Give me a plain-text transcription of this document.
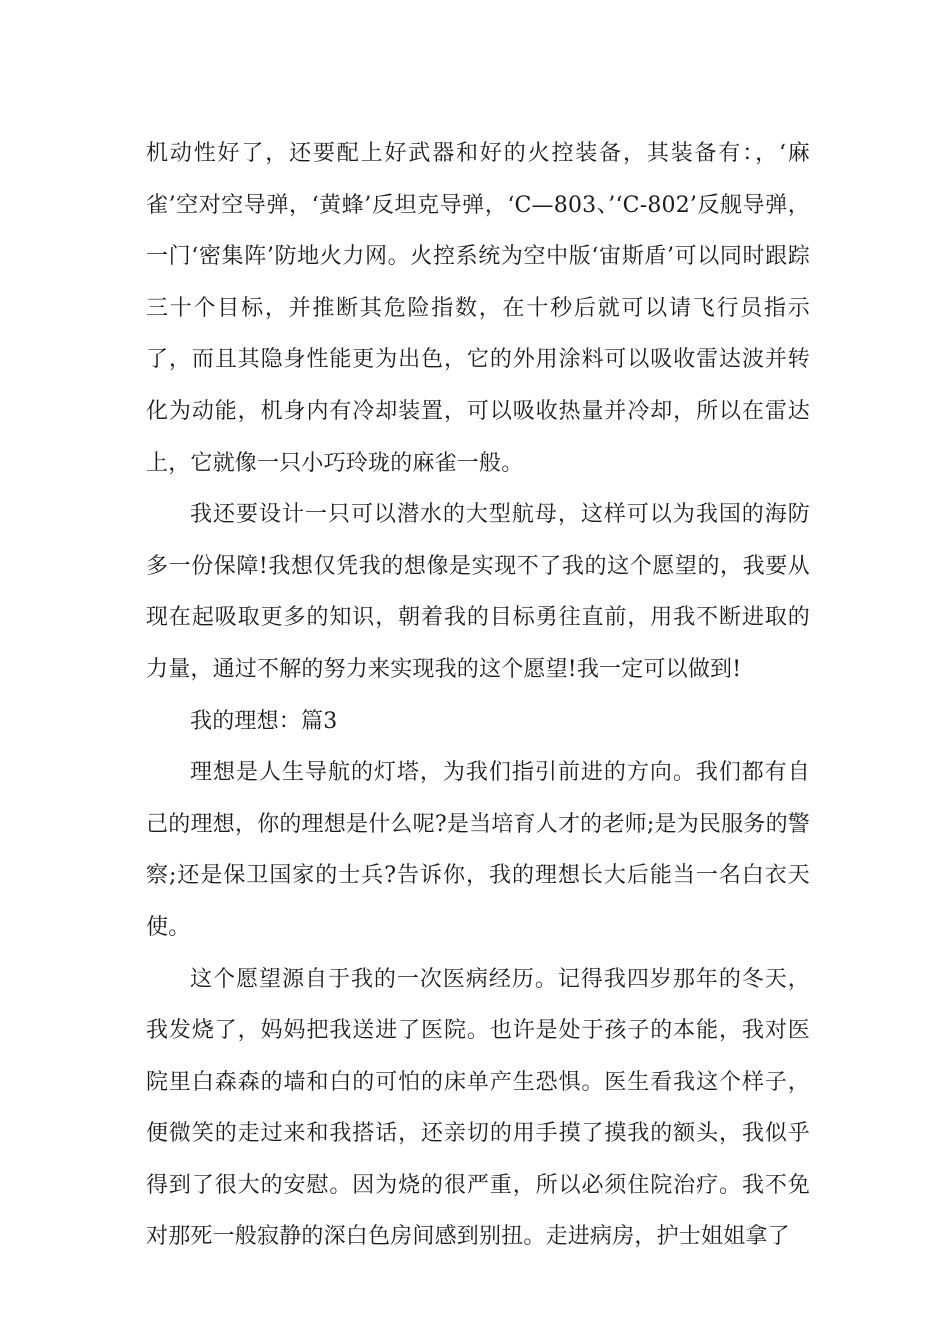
机动性好了，还要配上好武器和好的火控装备，其装备有：，‘麻雀’空对空导弹，‘黄蜂’反坦克导弹，‘C—803、’‘C-802’反舰导弹，一门‘密集阵’防地火力网。火控系统为空中版‘宙斯盾’可以同时跟踪三十个目标，并推断其危险指数，在十秒后就可以请飞行员指示了，而且其隐身性能更为出色，它的外用涂料可以吸收雷达波并转化为动能，机身内有冷却装置，可以吸收热量并冷却，所以在雷达上，它就像一只小巧玲珑的麻雀一般。

我还要设计一只可以潜水的大型航母，这样可以为我国的海防多一份保障!我想仅凭我的想像是实现不了我的这个愿望的，我要从现在起吸取更多的知识，朝着我的目标勇往直前，用我不断进取的力量，通过不解的努力来实现我的这个愿望!我一定可以做到!

我的理想：篇3

理想是人生导航的灯塔，为我们指引前进的方向。我们都有自己的理想，你的理想是什么呢?是当培育人才的老师;是为民服务的警察;还是保卫国家的士兵?告诉你，我的理想长大后能当一名白衣天使。

这个愿望源自于我的一次医病经历。记得我四岁那年的冬天，我发烧了，妈妈把我送进了医院。也许是处于孩子的本能，我对医院里白森森的墙和白的可怕的床单产生恐惧。医生看我这个样子，便微笑的走过来和我搭话，还亲切的用手摸了摸我的额头，我似乎得到了很大的安慰。因为烧的很严重，所以必须住院治疗。我不免对那死一般寂静的深白色房间感到别扭。走进病房，护士姐姐拿了
